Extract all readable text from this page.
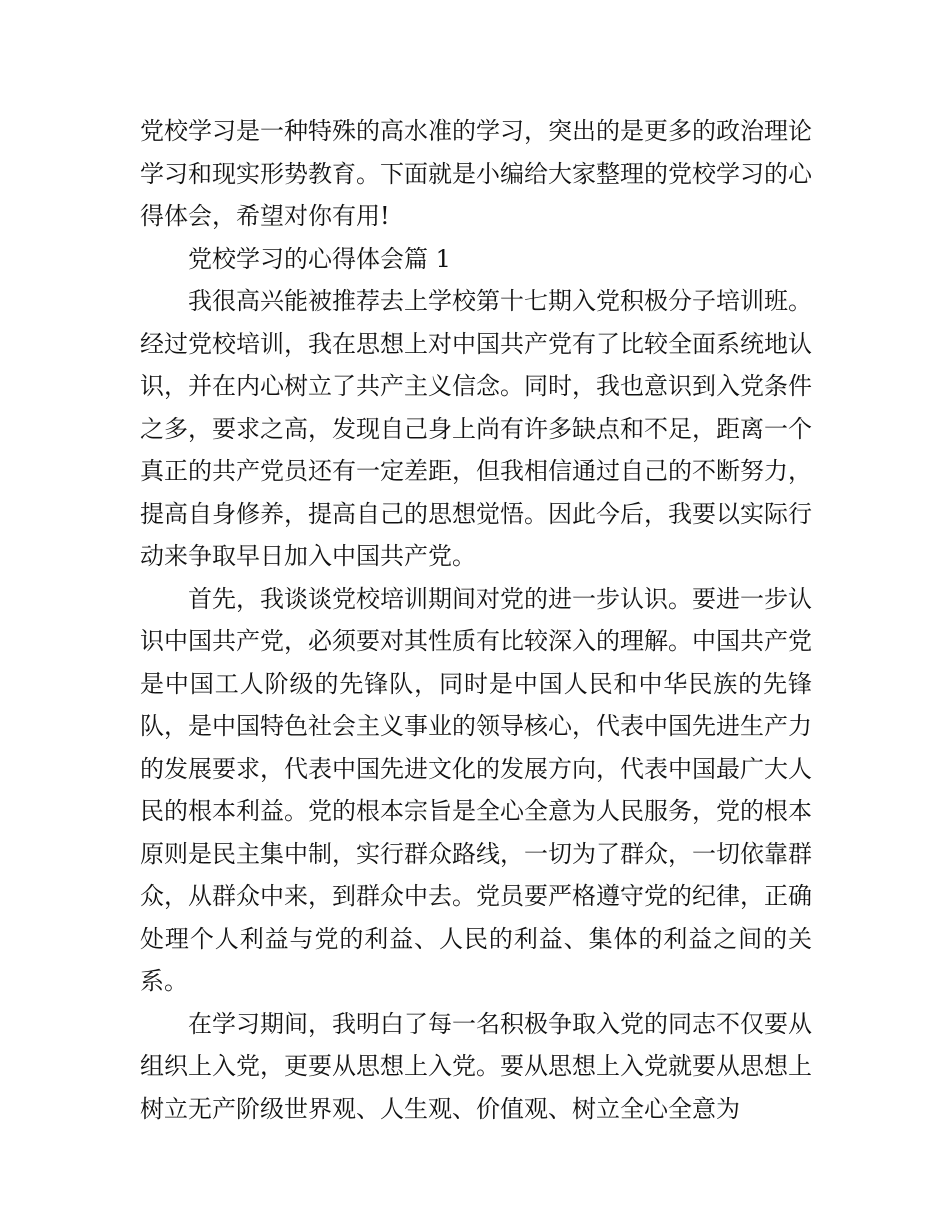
党校学习是一种特殊的高水准的学习，突出的是更多的政治理论学习和现实形势教育。下面就是小编给大家整理的党校学习的心得体会，希望对你有用!

党校学习的心得体会篇 1

我很高兴能被推荐去上学校第十七期入党积极分子培训班。经过党校培训，我在思想上对中国共产党有了比较全面系统地认识，并在内心树立了共产主义信念。同时，我也意识到入党条件之多，要求之高，发现自己身上尚有许多缺点和不足，距离一个真正的共产党员还有一定差距，但我相信通过自己的不断努力，提高自身修养，提高自己的思想觉悟。因此今后，我要以实际行动来争取早日加入中国共产党。

首先，我谈谈党校培训期间对党的进一步认识。要进一步认识中国共产党，必须要对其性质有比较深入的理解。中国共产党是中国工人阶级的先锋队，同时是中国人民和中华民族的先锋队，是中国特色社会主义事业的领导核心，代表中国先进生产力的发展要求，代表中国先进文化的发展方向，代表中国最广大人民的根本利益。党的根本宗旨是全心全意为人民服务，党的根本原则是民主集中制，实行群众路线，一切为了群众，一切依靠群众，从群众中来，到群众中去。党员要严格遵守党的纪律，正确处理个人利益与党的利益、人民的利益、集体的利益之间的关系。

在学习期间，我明白了每一名积极争取入党的同志不仅要从组织上入党，更要从思想上入党。要从思想上入党就要从思想上树立无产阶级世界观、人生观、价值观、树立全心全意为
